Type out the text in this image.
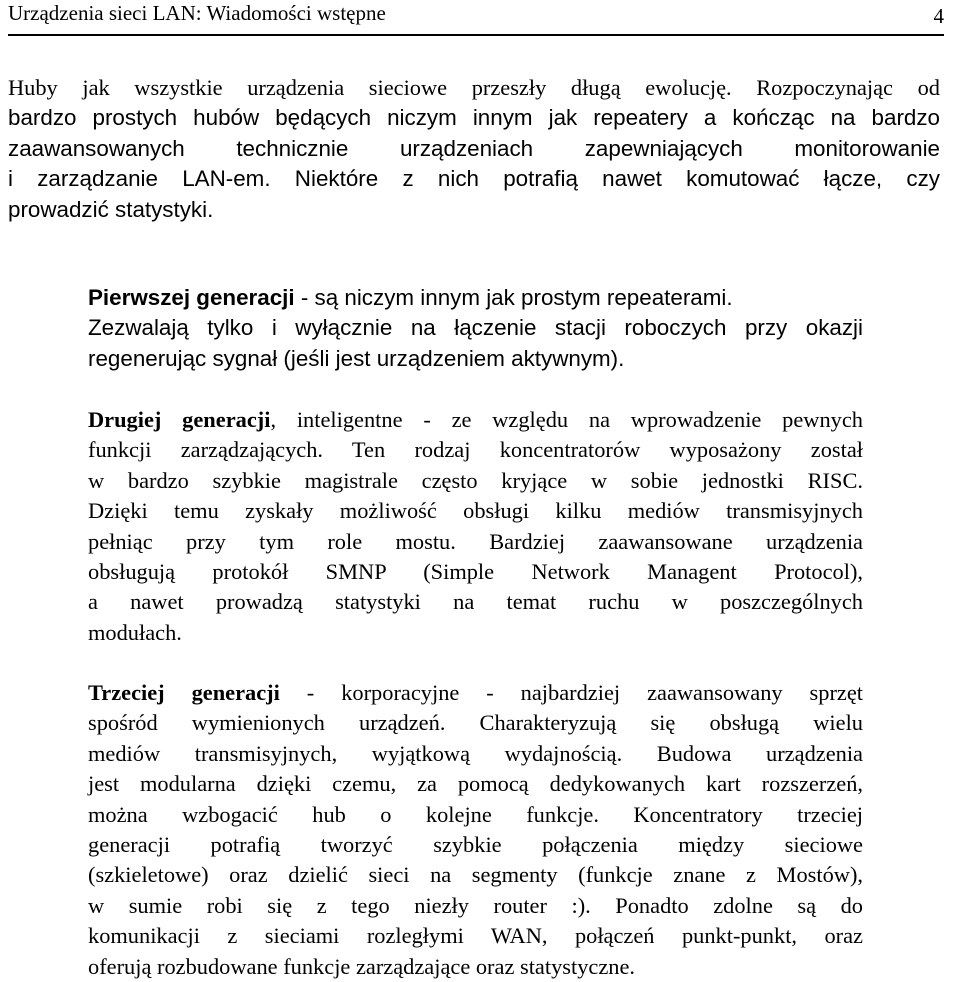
Urządzenia sieci LAN: Wiadomości wstępne	4
Huby jak wszystkie urządzenia sieciowe przeszły długą ewolucję. Rozpoczynając od
bardzo prostych hubów będących niczym innym jak repeatery a kończąc na bardzo
zaawansowanych technicznie urządzeniach zapewniających monitorowanie
i zarządzanie LAN-em. Niektóre z nich potrafią nawet komutować łącze, czy
prowadzić statystyki.
Pierwszej generacji - są niczym innym jak prostym repeaterami.
Zezwalają tylko i wyłącznie na łączenie stacji roboczych przy okazji
regenerując sygnał (jeśli jest urządzeniem aktywnym).
Drugiej generacji, inteligentne - ze względu na wprowadzenie pewnych
funkcji zarządzających. Ten rodzaj koncentratorów wyposażony został
w bardzo szybkie magistrale często kryjące w sobie jednostki RISC.
Dzięki temu zyskały możliwość obsługi kilku mediów transmisyjnych
pełniąc przy tym role mostu. Bardziej zaawansowane urządzenia
obsługują protokół SMNP (Simple Network Managent Protocol),
a nawet prowadzą statystyki na temat ruchu w poszczególnych
modułach.
Trzeciej generacji - korporacyjne - najbardziej zaawansowany sprzęt
spośród wymienionych urządzeń. Charakteryzują się obsługą wielu
mediów transmisyjnych, wyjątkową wydajnością. Budowa urządzenia
jest modularna dzięki czemu, za pomocą dedykowanych kart rozszerzeń,
można wzbogacić hub o kolejne funkcje. Koncentratory trzeciej
generacji potrafią tworzyć szybkie połączenia między sieciowe
(szkieletowe) oraz dzielić sieci na segmenty (funkcje znane z Mostów),
w sumie robi się z tego niezły router :). Ponadto zdolne są do
komunikacji z sieciami rozległymi WAN, połączeń punkt-punkt, oraz
oferują rozbudowane funkcje zarządzające oraz statystyczne.
